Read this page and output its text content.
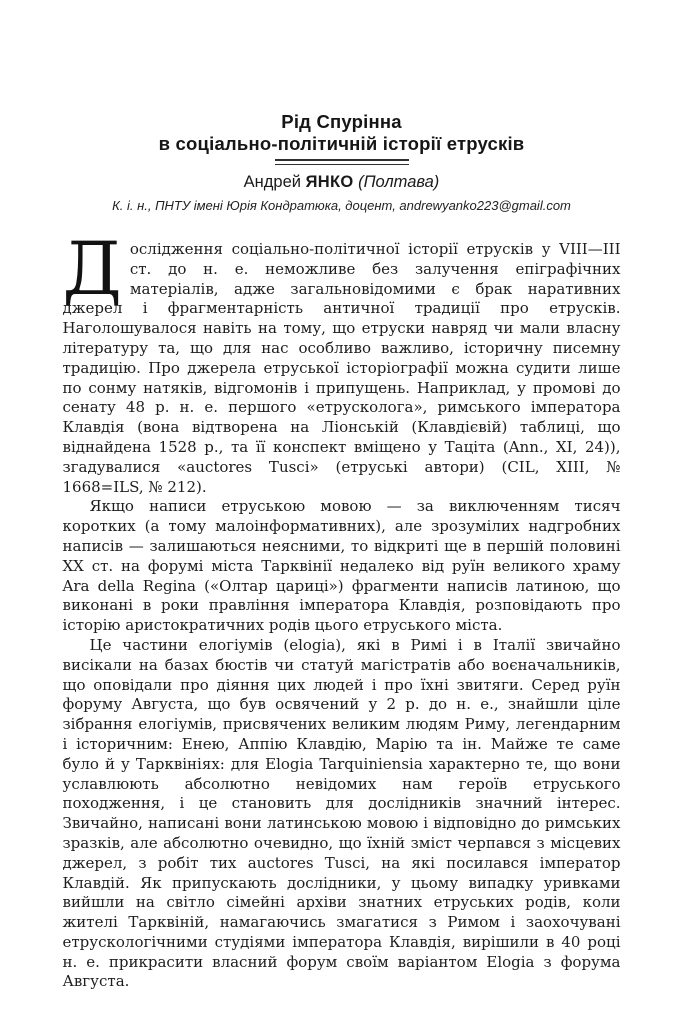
Рід Спурінна
в соціально-політичній історії етрусків
Андрей ЯНКО (Полтава)
К. і. н., ПНТУ імені Юрія Кондратюка, доцент, andrewyanko223@gmail.com

Дослідження соціально-політичної історії етрусків у VIII—III ст. до н. е. неможливе без залучення епіграфічних матеріалів, адже загальновідомими є брак наративних джерел і фрагментарність античної традиції про етрусків. Наголошувалося навіть на тому, що етруски навряд чи мали власну літературу та, що для нас особливо важливо, історичну писемну традицію. Про джерела етруської історіографії можна судити лише по сонму натяків, відгомонів і припущень. Наприклад, у промові до сенату 48 р. н. е. першого «етрусколога», римського імператора Клавдія (вона відтворена на Ліонській (Клавдієвій) таблиці, що віднайдена 1528 р., та її конспект вміщено у Таціта (Ann., XI, 24)), згадувалися «auctores Tusci» (етруські автори) (CIL, XIII, № 1668=ILS, № 212).

Якщо написи етруською мовою — за виключенням тисяч коротких (а тому малоінформативних), але зрозумілих надгробних написів — залишаються неясними, то відкриті ще в першій половині XX ст. на форумі міста Тарквінії недалеко від руїн великого храму Ara della Regina («Олтар цариці») фрагменти написів латиною, що виконані в роки правління імператора Клавдія, розповідають про історію аристократичних родів цього етруського міста.

Це частини елогіумів (elogia), які в Римі і в Італії звичайно висікали на базах бюстів чи статуй магістратів або воєначальників, що оповідали про діяння цих людей і про їхні звитяги. Серед руїн форуму Августа, що був освячений у 2 р. до н. е., знайшли ціле зібрання елогіумів, присвячених великим людям Риму, легендарним і історичним: Енею, Аппію Клавдію, Марію та ін. Майже те саме було й у Тарквініях: для Elogia Tarquiniensia характерно те, що вони уславлюють абсолютно невідомих нам героїв етруського походження, і це становить для дослідників значний інтерес. Звичайно, написані вони латинською мовою і відповідно до римських зразків, але абсолютно очевидно, що їхній зміст черпався з місцевих джерел, з робіт тих auctores Tusci, на які посилався імператор Клавдій. Як припускають дослідники, у цьому випадку уривками вийшли на світло сімейні архіви знатних етруських родів, коли жителі Тарквіній, намагаючись змагатися з Римом і заохочувані етрускологічними студіями імператора Клавдія, вирішили в 40 році н. е. прикрасити власний форум своїм варіантом Elogia з форума Августа.
